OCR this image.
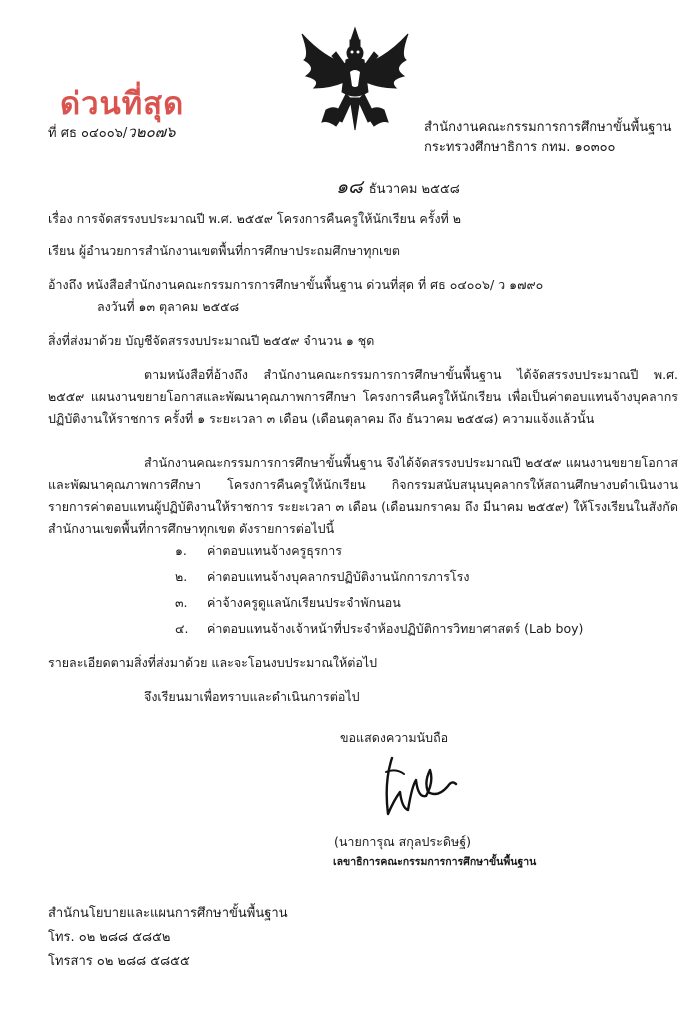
ด่วนที่สุด
ที่ ศธ ๐๔๐๐๖/ว๒๐๗๖	สำนักงานคณะกรรมการการศึกษาขั้นพื้นฐาน
กระทรวงศึกษาธิการ กทม. ๑๐๓๐๐
๑๘ ธันวาคม ๒๕๕๘
เรื่อง การจัดสรรงบประมาณปี พ.ศ. ๒๕๕๙ โครงการคืนครูให้นักเรียน ครั้งที่ ๒
เรียน ผู้อำนวยการสำนักงานเขตพื้นที่การศึกษาประถมศึกษาทุกเขต
อ้างถึง หนังสือสำนักงานคณะกรรมการการศึกษาขั้นพื้นฐาน ด่วนที่สุด ที่ ศธ ๐๔๐๐๖/ ว ๑๗๙๐
ลงวันที่ ๑๓ ตุลาคม ๒๕๕๘
สิ่งที่ส่งมาด้วย บัญชีจัดสรรงบประมาณปี ๒๕๕๙ จำนวน ๑ ชุด
ตามหนังสือที่อ้างถึง สำนักงานคณะกรรมการการศึกษาขั้นพื้นฐาน ได้จัดสรรงบประมาณปี พ.ศ. ๒๕๕๙ แผนงานขยายโอกาสและพัฒนาคุณภาพการศึกษา โครงการคืนครูให้นักเรียน เพื่อเป็นค่าตอบแทนจ้างบุคลากรปฏิบัติงานให้ราชการ ครั้งที่ ๑ ระยะเวลา ๓ เดือน (เดือนตุลาคม ถึง ธันวาคม ๒๕๕๘) ความแจ้งแล้วนั้น
สำนักงานคณะกรรมการการศึกษาขั้นพื้นฐาน จึงได้จัดสรรงบประมาณปี ๒๕๕๙ แผนงานขยายโอกาสและพัฒนาคุณภาพการศึกษา โครงการคืนครูให้นักเรียน กิจกรรมสนับสนุนบุคลากรให้สถานศึกษางบดำเนินงาน รายการค่าตอบแทนผู้ปฏิบัติงานให้ราชการ ระยะเวลา ๓ เดือน (เดือนมกราคม ถึง มีนาคม ๒๕๕๙) ให้โรงเรียนในสังกัดสำนักงานเขตพื้นที่การศึกษาทุกเขต ดังรายการต่อไปนี้
๑. ค่าตอบแทนจ้างครูธุรการ
๒. ค่าตอบแทนจ้างบุคลากรปฏิบัติงานนักการภารโรง
๓. ค่าจ้างครูดูแลนักเรียนประจำพักนอน
๔. ค่าตอบแทนจ้างเจ้าหน้าที่ประจำห้องปฏิบัติการวิทยาศาสตร์ (Lab boy)
รายละเอียดตามสิ่งที่ส่งมาด้วย และจะโอนงบประมาณให้ต่อไป
จึงเรียนมาเพื่อทราบและดำเนินการต่อไป
ขอแสดงความนับถือ
(นายการุณ สกุลประดิษฐ์)
เลขาธิการคณะกรรมการการศึกษาขั้นพื้นฐาน
สำนักนโยบายและแผนการศึกษาขั้นพื้นฐาน
โทร. ๐๒ ๒๘๘ ๕๘๕๒
โทรสาร ๐๒ ๒๘๘ ๕๘๕๕
